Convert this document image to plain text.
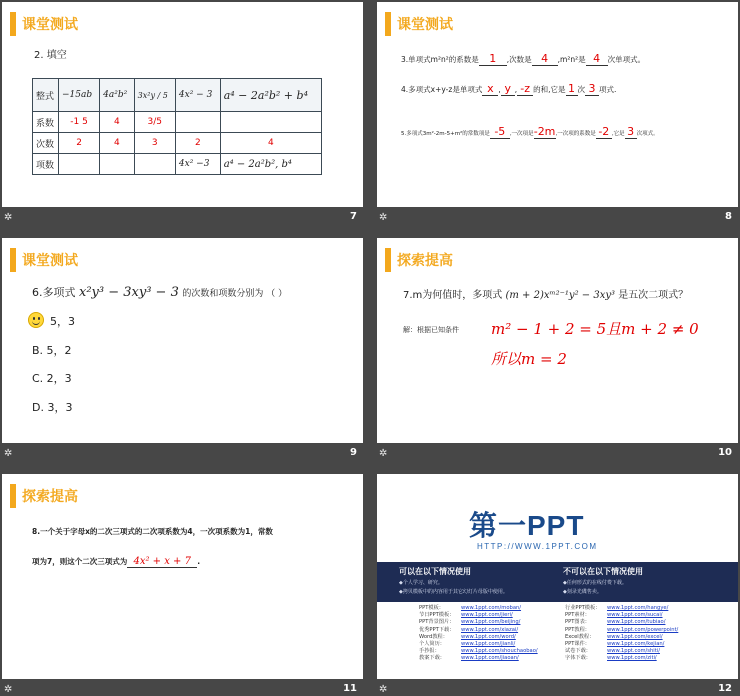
课堂测试
2. 填空
整式	−15ab	4a²b²	3x²y / 5	4x² − 3	a⁴ − 2a²b² + b⁴
系数	-1 5	4	3/5		
次数	2	4	3	2	4
项数				4x² −3	a⁴ − 2a²b², b⁴
✲	7
课堂测试
3.单项式m²n²的系数是 1 ,次数是 4 ,m²n²是 4 次单项式。
4.多项式x+y-z是单项式 x , y , -z 的和,它是 1 次 3 项式.
5.多项式3m²-2m-5+m²的常数项是 -5 ,一次项是-2m,一次项的系数是 -2 ,它是 3 次项式。
✲	8
课堂测试
6.多项式 x²y³ − 3xy³ − 3 的次数和项数分别为 （ ）
5，3
B. 5，2
C. 2，3
D. 3，3
✲	9
探索提高
7.m为何值时，多项式 (m + 2)xᵐ²⁻¹y² − 3xy³ 是五次二项式？
解：根据已知条件 m² − 1 + 2 = 5且m + 2 ≠ 0
所以m = 2
✲	10
探索提高
8.一个关于字母x的二次三项式的二次项系数为4，一次项系数为1，常数
项为7，则这个二次三项式为 4x² + x + 7 .
✲	11
第一PPT
HTTP://WWW.1PPT.COM
可以在以下情况使用
◆个人学习、研究。
◆拷贝模板中的内容用于其它幻灯片母版中使用。
不可以在以下情况使用
◆任何形式的在线付费下载。
◆刻录光碟售卖。
PPT模板：	www.1ppt.com/moban/
节日PPT模板： www.1ppt.com/jieri/
PPT背景图片： www.1ppt.com/beijing/
优秀PPT下载： www.1ppt.com/xiazai/
Word教程：	www.1ppt.com/word/
个人简历：	www.1ppt.com/jianli/
手抄报：	www.1ppt.com/shouchaobao/
教案下载：	www.1ppt.com/jiaoan/
行业PPT模板： www.1ppt.com/hangye/
PPT素材：	www.1ppt.com/sucai/
PPT图表：	www.1ppt.com/tubiao/
PPT教程：	www.1ppt.com/powerpoint/
Excel教程： www.1ppt.com/excel/
PPT课件：	www.1ppt.com/kejian/
试卷下载：	www.1ppt.com/shiti/
字体下载：	www.1ppt.com/ziti/
✲	12
